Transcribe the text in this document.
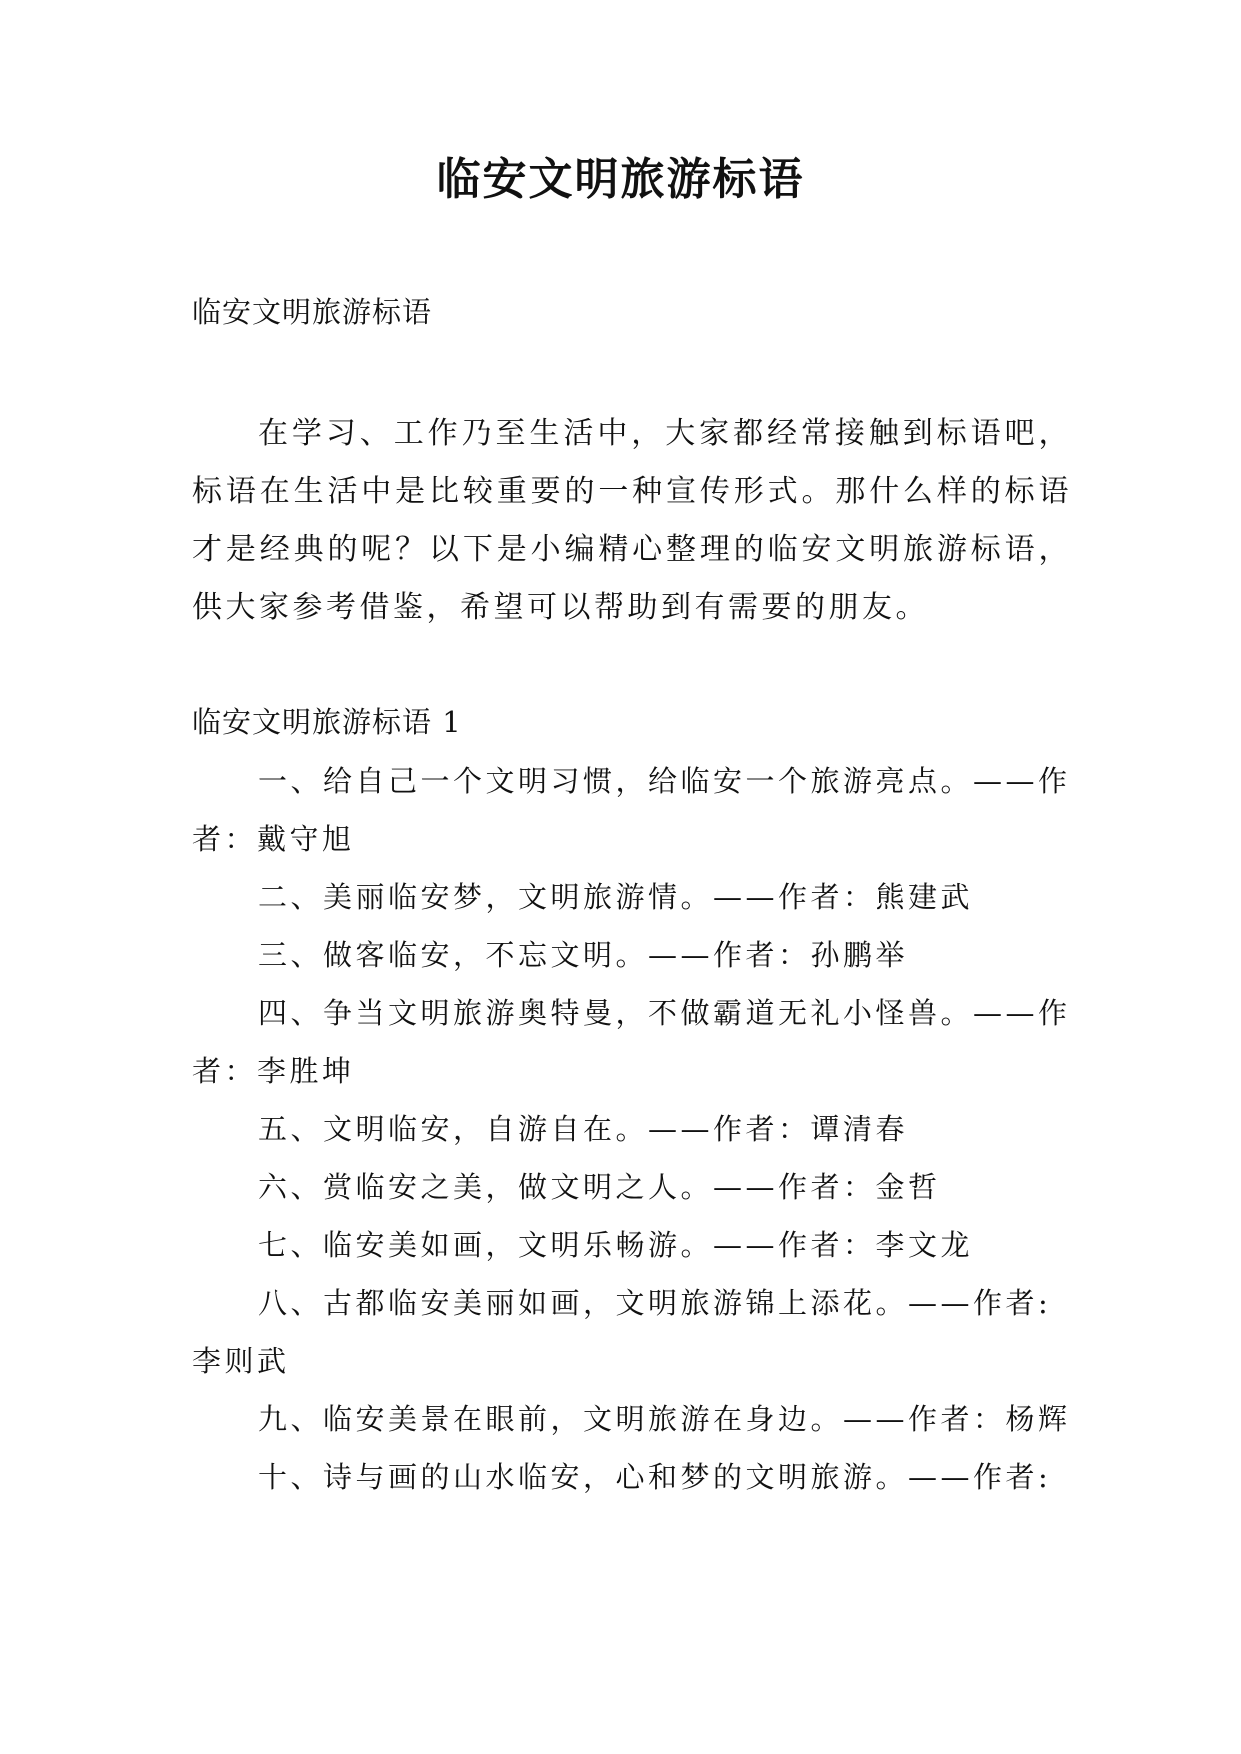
临安文明旅游标语
临安文明旅游标语

在学习、工作乃至生活中，大家都经常接触到标语吧，标语在生活中是比较重要的一种宣传形式。那什么样的标语才是经典的呢？以下是小编精心整理的临安文明旅游标语，供大家参考借鉴，希望可以帮助到有需要的朋友。

临安文明旅游标语 1
一、给自己一个文明习惯，给临安一个旅游亮点。——作者：戴守旭
二、美丽临安梦，文明旅游情。——作者：熊建武
三、做客临安，不忘文明。——作者：孙鹏举
四、争当文明旅游奥特曼，不做霸道无礼小怪兽。——作者：李胜坤
五、文明临安，自游自在。——作者：谭清春
六、赏临安之美，做文明之人。——作者：金哲
七、临安美如画，文明乐畅游。——作者：李文龙
八、古都临安美丽如画，文明旅游锦上添花。——作者:李则武
九、临安美景在眼前，文明旅游在身边。——作者：杨辉
十、诗与画的山水临安，心和梦的文明旅游。——作者:
